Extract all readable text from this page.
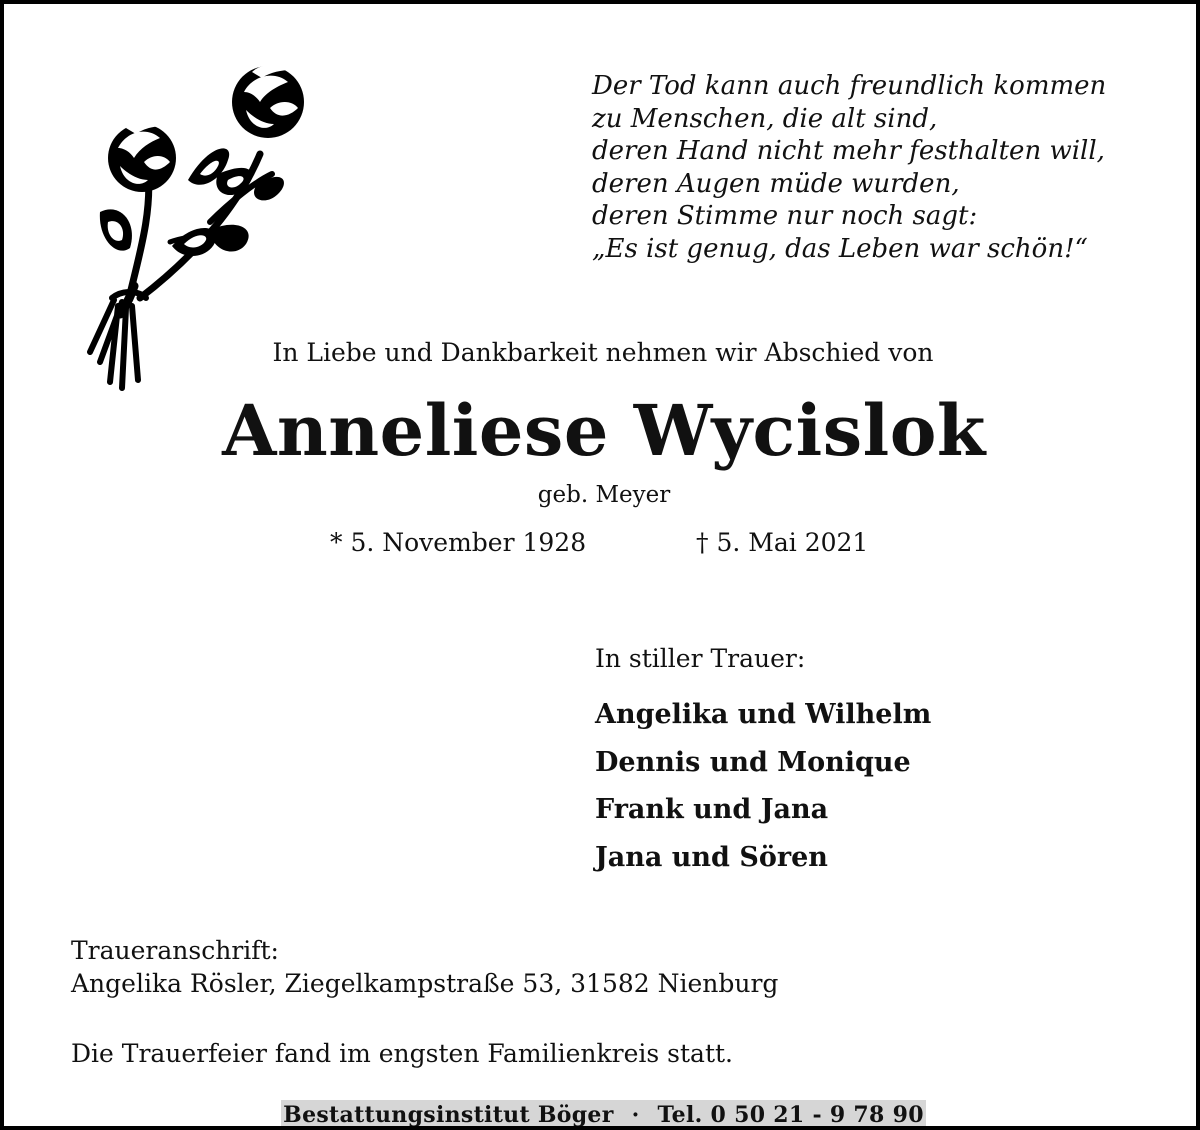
Der Tod kann auch freundlich kommen
zu Menschen, die alt sind,
deren Hand nicht mehr festhalten will,
deren Augen müde wurden,
deren Stimme nur noch sagt:
„Es ist genug, das Leben war schön!“
In Liebe und Dankbarkeit nehmen wir Abschied von
Anneliese Wycislok
geb. Meyer
* 5. November 1928	† 5. Mai 2021
In stiller Trauer:
Angelika und Wilhelm
Dennis und Monique
Frank und Jana
Jana und Sören
Traueranschrift:
Angelika Rösler, Ziegelkampstraße 53, 31582 Nienburg
Die Trauerfeier fand im engsten Familienkreis statt.
Bestattungsinstitut Böger · Tel. 0 50 21 - 9 78 90
